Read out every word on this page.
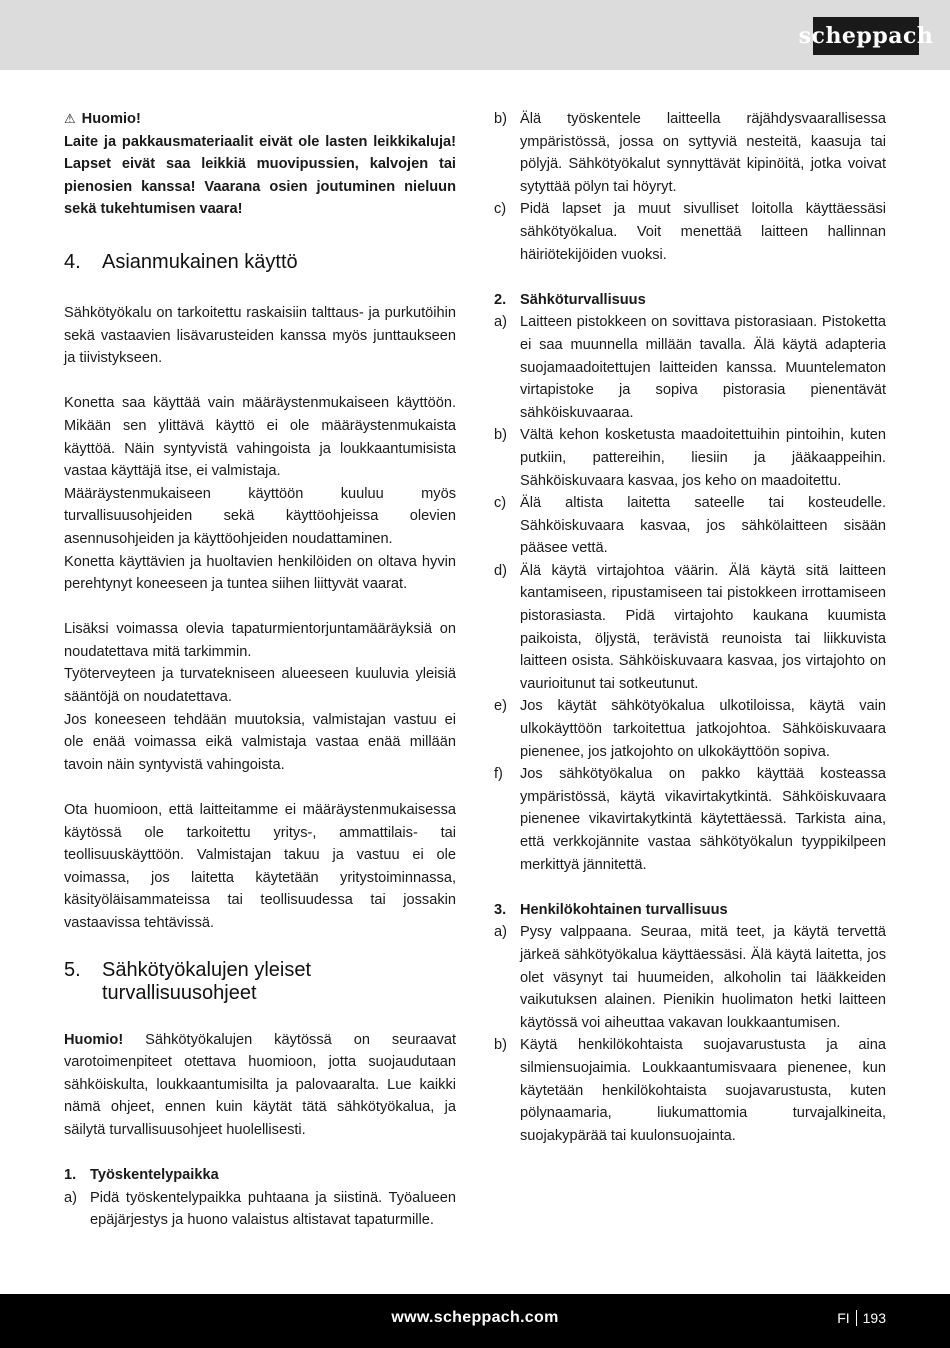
scheppach

⚠ Huomio!

Laite ja pakkausmateriaalit eivät ole lasten leikkikaluja! Lapset eivät saa leikkiä muovipussien, kalvojen tai pienosien kanssa! Vaarana osien joutuminen nieluun sekä tukehtumisen vaara!

4.	Asianmukainen käyttö

Sähkötyökalu on tarkoitettu raskaisiin talttaus- ja purkutöihin sekä vastaavien lisävarusteiden kanssa myös junttaukseen ja tiivistykseen.

Konetta saa käyttää vain määräystenmukaiseen käyttöön. Mikään sen ylittävä käyttö ei ole määräystenmukaista käyttöä. Näin syntyvistä vahingoista ja loukkaantumisista vastaa käyttäjä itse, ei valmistaja.

Määräystenmukaiseen käyttöön kuuluu myös turvallisuusohjeiden sekä käyttöohjeissa olevien asennusohjeiden ja käyttöohjeiden noudattaminen.

Konetta käyttävien ja huoltavien henkilöiden on oltava hyvin perehtynyt koneeseen ja tuntea siihen liittyvät vaarat.

Lisäksi voimassa olevia tapaturmientorjuntamääräyksiä on noudatettava mitä tarkimmin.

Työterveyteen ja turvatekniseen alueeseen kuuluvia yleisiä sääntöjä on noudatettava.

Jos koneeseen tehdään muutoksia, valmistajan vastuu ei ole enää voimassa eikä valmistaja vastaa enää millään tavoin näin syntyvistä vahingoista.

Ota huomioon, että laitteitamme ei määräystenmukaisessa käytössä ole tarkoitettu yritys-, ammattilais- tai teollisuuskäyttöön. Valmistajan takuu ja vastuu ei ole voimassa, jos laitetta käytetään yritystoiminnassa, käsityöläisammateissa tai teollisuudessa tai jossakin vastaavissa tehtävissä.

5.	Sähkötyökalujen yleiset
turvallisuusohjeet

Huomio! Sähkötyökalujen käytössä on seuraavat varotoimenpiteet otettava huomioon, jotta suojaudutaan sähköiskulta, loukkaantumisilta ja palovaaralta. Lue kaikki nämä ohjeet, ennen kuin käytät tätä sähkötyökalua, ja säilytä turvallisuusohjeet huolellisesti.

1. Työskentelypaikka
a) Pidä työskentelypaikka puhtaana ja siistinä. Työalueen epäjärjestys ja huono valaistus altistavat tapaturmille.
b) Älä työskentele laitteella räjähdysvaarallisessa ympäristössä, jossa on syttyviä nesteitä, kaasuja tai pölyjä. Sähkötyökalut synnyttävät kipinöitä, jotka voivat sytyttää pölyn tai höyryt.
c) Pidä lapset ja muut sivulliset loitolla käyttäessäsi sähkötyökalua. Voit menettää laitteen hallinnan häiriötekijöiden vuoksi.
2. Sähköturvallisuus
a) Laitteen pistokkeen on sovittava pistorasiaan. Pistoketta ei saa muunnella millään tavalla. Älä käytä adapteria suojamaadoitettujen laitteiden kanssa. Muuntelematon virtapistoke ja sopiva pistorasia pienentävät sähköiskuvaaraa.
b) Vältä kehon kosketusta maadoitettuihin pintoihin, kuten putkiin, pattereihin, liesiin ja jääkaappeihin. Sähköiskuvaara kasvaa, jos keho on maadoitettu.
c) Älä altista laitetta sateelle tai kosteudelle. Sähköiskuvaara kasvaa, jos sähkölaitteen sisään pääsee vettä.
d) Älä käytä virtajohtoa väärin. Älä käytä sitä laitteen kantamiseen, ripustamiseen tai pistokkeen irrottamiseen pistorasiasta. Pidä virtajohto kaukana kuumista paikoista, öljystä, terävistä reunoista tai liikkuvista laitteen osista. Sähköiskuvaara kasvaa, jos virtajohto on vaurioitunut tai sotkeutunut.
e) Jos käytät sähkötyökalua ulkotiloissa, käytä vain ulkokäyttöön tarkoitettua jatkojohtoa. Sähköiskuvaara pienenee, jos jatkojohto on ulkokäyttöön sopiva.
f)	Jos sähkötyökalua on pakko käyttää kosteassa ympäristössä, käytä vikavirtakytkintä. Sähköiskuvaara pienenee vikavirtakytkintä käytettäessä. Tarkista aina, että verkkojännite vastaa sähkötyökalun tyyppikilpeen merkittyä jännitettä.
3. Henkilökohtainen turvallisuus
a) Pysy valppaana. Seuraa, mitä teet, ja käytä tervettä järkeä sähkötyökalua käyttäessäsi. Älä käytä laitetta, jos olet väsynyt tai huumeiden, alkoholin tai lääkkeiden vaikutuksen alainen. Pienikin huolimaton hetki laitteen käytössä voi aiheuttaa vakavan loukkaantumisen.
b) Käytä henkilökohtaista suojavarustusta ja aina silmiensuojaimia. Loukkaantumisvaara pienenee, kun käytetään henkilökohtaista suojavarustusta, kuten pölynaamaria, liukumattomia turvajalkineita, suojakypärää tai kuulonsuojainta.
www.scheppach.com	FI 193
